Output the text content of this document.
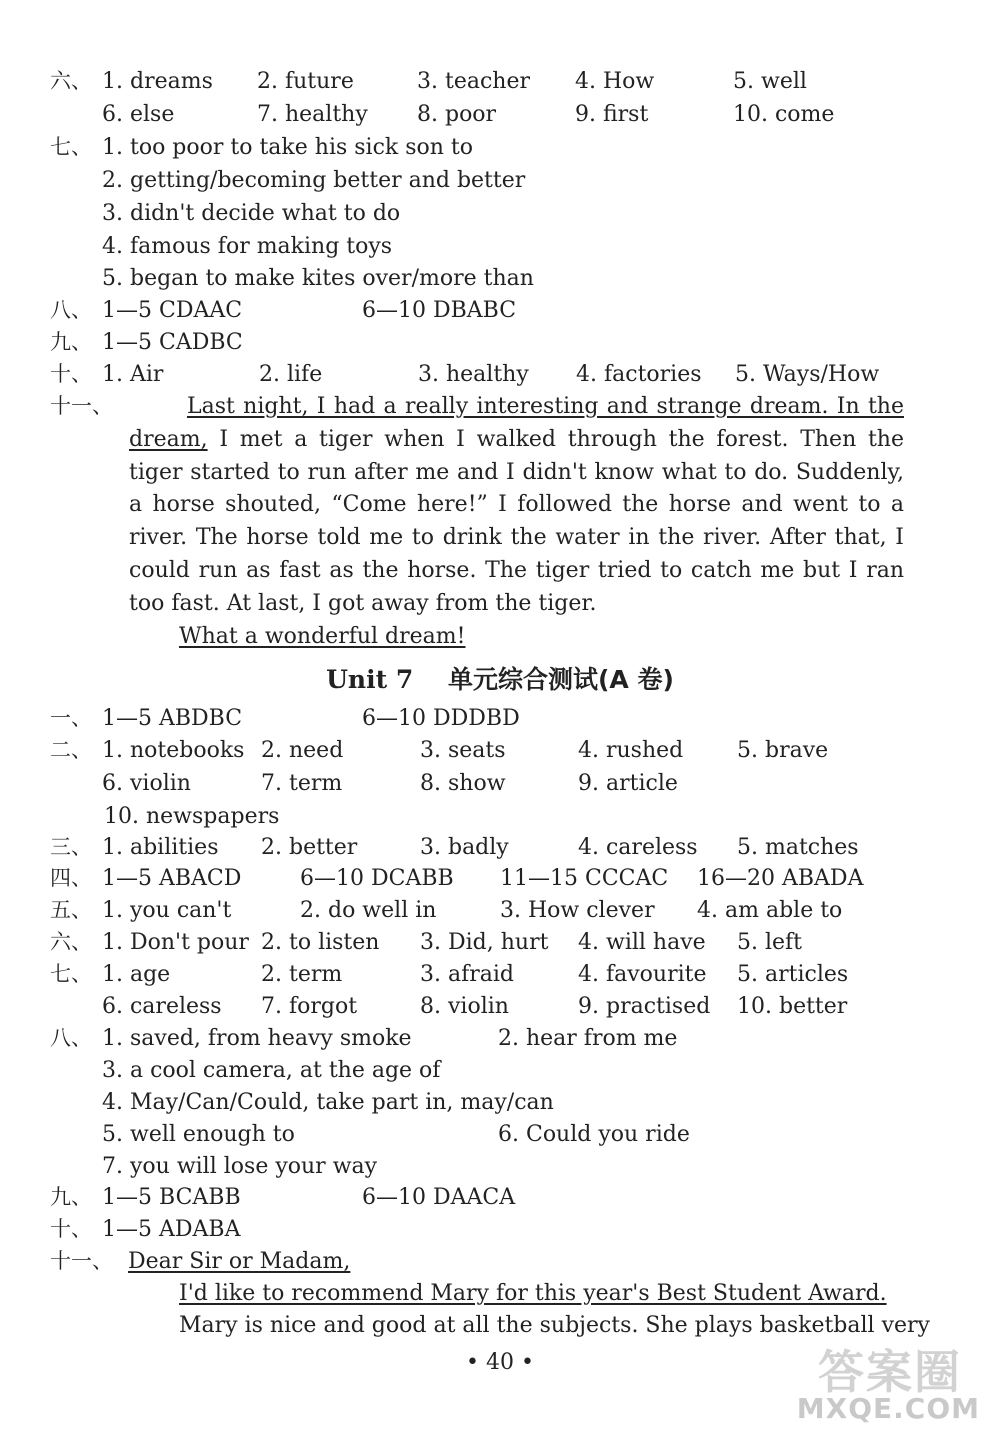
六、 1. dreams 2. future	3. teacher 4. How	5. well
6. else	7. healthy 8. poor	9. first	10. come
七、 1. too poor to take his sick son to
2. getting/becoming better and better
3. didn't decide what to do
4. famous for making toys
5. began to make kites over/more than
八、 1—5 CDAAC	6—10 DBABC
九、 1—5 CADBC
十、 1. Air	2. life	3. healthy 4. factories 5. Ways/How
十一、	Last night, I had a really interesting and strange dream. In the dream, I met a tiger when I walked through the forest. Then the tiger started to run after me and I didn't know what to do. Suddenly, a horse shouted, “Come here!” I followed the horse and went to a river. The horse told me to drink the water in the river. After that, I could run as fast as the horse. The tiger tried to catch me but I ran too fast. At last, I got away from the tiger.
What a wonderful dream!
Unit 7 单元综合测试(A 卷)
一、 1—5 ABDBC	6—10 DDDBD
二、 1. notebooks 2. need	3. seats	4. rushed 5. brave
6. violin	7. term	8. show	9. article
10. newspapers
三、 1. abilities 2. better	3. badly	4. careless 5. matches
四、 1—5 ABACD	6—10 DCABB 11—15 CCCAC 16—20 ABADA
五、 1. you can't	2. do well in	3. How clever 4. am able to
六、 1. Don't pour 2. to listen 3. Did, hurt 4. will have 5. left
七、 1. age	2. term	3. afraid	4. favourite 5. articles
6. careless 7. forgot	8. violin	9. practised 10. better
八、 1. saved, from heavy smoke	2. hear from me
3. a cool camera, at the age of
4. May/Can/Could, take part in, may/can
5. well enough to	6. Could you ride
7. you will lose your way
九、 1—5 BCABB	6—10 DAACA
十、 1—5 ADABA
十一、 Dear Sir or Madam,
I'd like to recommend Mary for this year's Best Student Award.
Mary is nice and good at all the subjects. She plays basketball very
• 40 •	答案圈
MXQE.COM
